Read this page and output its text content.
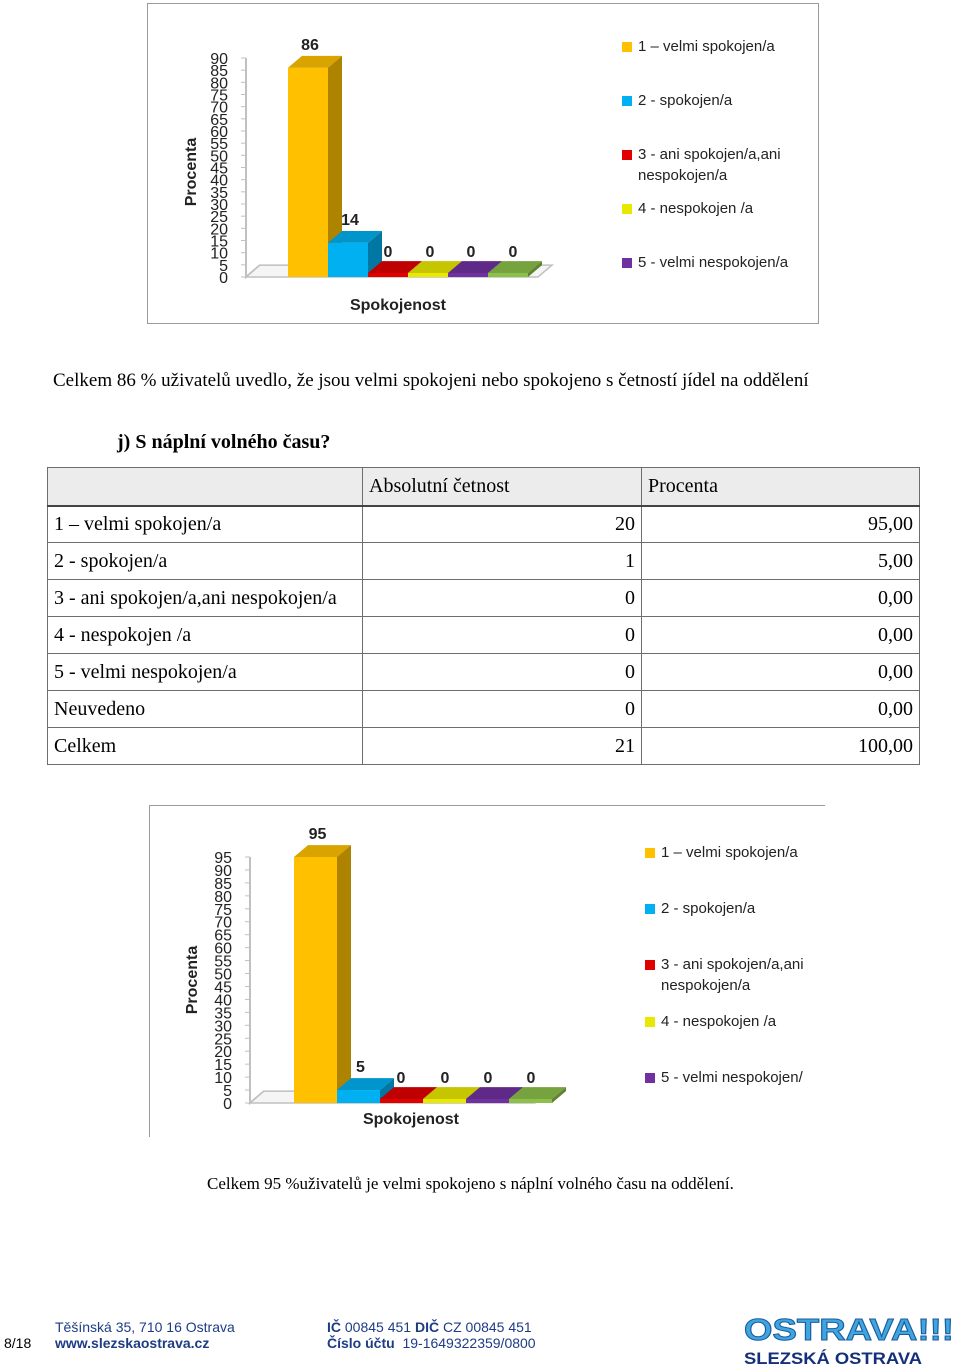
90
85
80
75
70
65
60
55
50
45
40
35
30
25
20
15
10
5
0
Procenta
Spokojenost
86
14
0 0 0 0
1 – velmi spokojen/a
2 - spokojen/a
3 - ani spokojen/a,ani nespokojen/a
4 - nespokojen /a
5 - velmi nespokojen/a
Celkem 86 % uživatelů uvedlo, že jsou velmi spokojeni nebo spokojeno s četností jídel na oddělení
j) S náplní volného času?
	Absolutní četnost	Procenta
1 – velmi spokojen/a	20	95,00
2 - spokojen/a	1	5,00
3 - ani spokojen/a,ani nespokojen/a	0	0,00
4 - nespokojen /a	0	0,00
5 - velmi nespokojen/a	0	0,00
Neuvedeno	0	0,00
Celkem	21	100,00
95
90
85
80
75
70
65
60
55
50
45
40
35
30
25
20
15
10
5
0
Procenta
Spokojenost
95
5
0 0 0 0
1 – velmi spokojen/a
2 - spokojen/a
3 - ani spokojen/a,ani nespokojen/a
4 - nespokojen /a
5 - velmi nespokojen/
Celkem 95 %uživatelů je velmi spokojeno s náplní volného času na oddělení.
8/18
Těšínská 35, 710 16 Ostrava
www.slezskaostrava.cz
IČ 00845 451 DIČ CZ 00845 451
Číslo účtu 19-1649322359/0800	OSTRAVA!!!
SLEZSKÁ OSTRAVA
